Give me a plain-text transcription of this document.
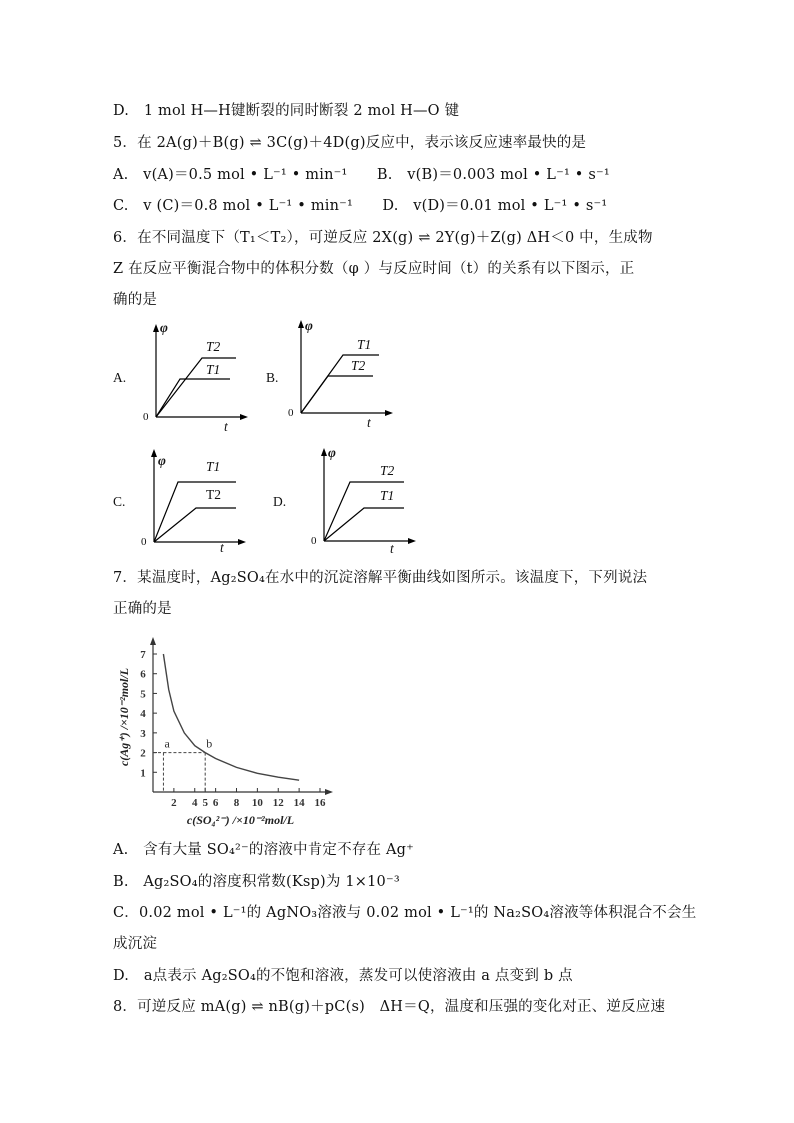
D.　1 mol H—H键断裂的同时断裂 2 mol H—O 键
5．在 2A(g)＋B(g) ⇌ 3C(g)＋4D(g)反应中，表示该反应速率最快的是
A.　v(A)＝0.5 mol • L⁻¹ • min⁻¹　　B.　v(B)＝0.003 mol • L⁻¹ • s⁻¹
C.　v (C)＝0.8 mol • L⁻¹ • min⁻¹　　D.　v(D)＝0.01 mol • L⁻¹ • s⁻¹
6．在不同温度下（T₁＜T₂），可逆反应 2X(g) ⇌ 2Y(g)＋Z(g) ΔH＜0 中，生成物
Z 在反应平衡混合物中的体积分数（φ ）与反应时间（t）的关系有以下图示，正
确的是
A.
φ
T2
T1
0
t
B.
φ
T1
T2
0
t
C.
φ	T1
T2
0	t
D.
φ
T2
T1
0	t
7．某温度时，Ag₂SO₄在水中的沉淀溶解平衡曲线如图所示。该温度下，下列说法
正确的是
1
2
3
4
5
6
7
2 4 5 6 8 10 12 14 16
a	b
c(SO₄²⁻) /×10⁻²mol/L
c(Ag⁺) /×10⁻²mol/L
A.　含有大量 SO₄²⁻的溶液中肯定不存在 Ag⁺
B.　Ag₂SO₄的溶度积常数(Ksp)为 1×10⁻³
C．0.02 mol • L⁻¹的 AgNO₃溶液与 0.02 mol • L⁻¹的 Na₂SO₄溶液等体积混合不会生
成沉淀
D.　a点表示 Ag₂SO₄的不饱和溶液，蒸发可以使溶液由 a 点变到 b 点
8．可逆反应 mA(g) ⇌ nB(g)＋pC(s)　ΔH＝Q，温度和压强的变化对正、逆反应速
